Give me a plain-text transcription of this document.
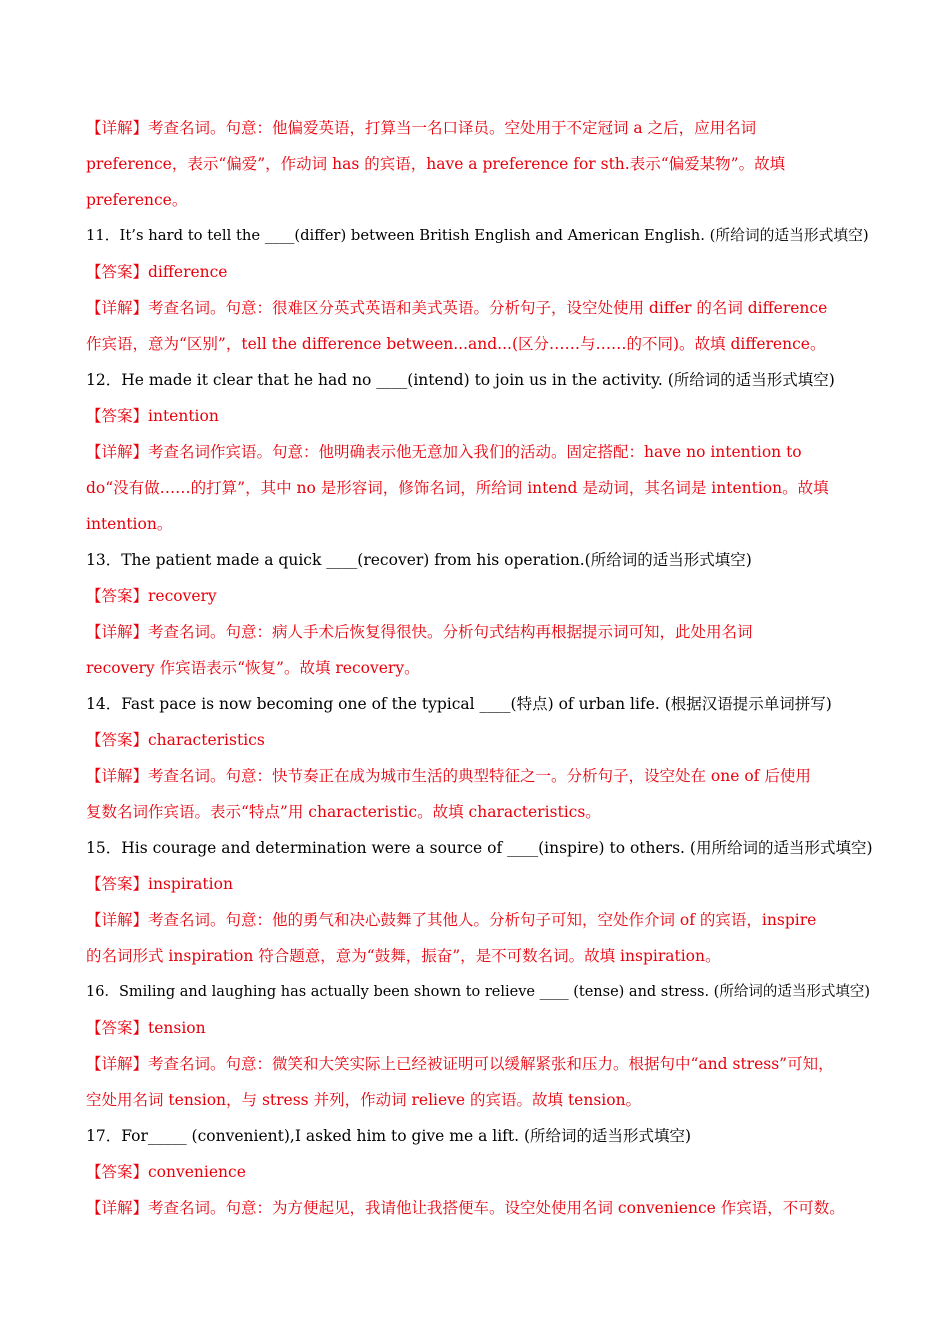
【详解】考查名词。句意：他偏爱英语，打算当一名口译员。空处用于不定冠词 a 之后，应用名词
preference，表示“偏爱”，作动词 has 的宾语，have a preference for sth.表示“偏爱某物”。故填
preference。
11．It’s hard to tell the ____(differ) between British English and American English. (所给词的适当形式填空)
【答案】difference
【详解】考查名词。句意：很难区分英式英语和美式英语。分析句子，设空处使用 differ 的名词 difference
作宾语，意为“区别”，tell the difference between...and...(区分……与……的不同)。故填 difference。
12．He made it clear that he had no ____(intend) to join us in the activity. (所给词的适当形式填空)
【答案】intention
【详解】考查名词作宾语。句意：他明确表示他无意加入我们的活动。固定搭配：have no intention to
do“没有做……的打算”，其中 no 是形容词，修饰名词，所给词 intend 是动词，其名词是 intention。故填
intention。
13．The patient made a quick ____(recover) from his operation.(所给词的适当形式填空)
【答案】recovery
【详解】考查名词。句意：病人手术后恢复得很快。分析句式结构再根据提示词可知，此处用名词
recovery 作宾语表示“恢复”。故填 recovery。
14．Fast pace is now becoming one of the typical ____(特点) of urban life. (根据汉语提示单词拼写)
【答案】characteristics
【详解】考查名词。句意：快节奏正在成为城市生活的典型特征之一。分析句子，设空处在 one of 后使用
复数名词作宾语。表示“特点”用 characteristic。故填 characteristics。
15．His courage and determination were a source of ____(inspire) to others. (用所给词的适当形式填空)
【答案】inspiration
【详解】考查名词。句意：他的勇气和决心鼓舞了其他人。分析句子可知，空处作介词 of 的宾语，inspire
的名词形式 inspiration 符合题意，意为“鼓舞，振奋”，是不可数名词。故填 inspiration。
16．Smiling and laughing has actually been shown to relieve ____ (tense) and stress. (所给词的适当形式填空)
【答案】tension
【详解】考查名词。句意：微笑和大笑实际上已经被证明可以缓解紧张和压力。根据句中“and stress”可知，
空处用名词 tension，与 stress 并列，作动词 relieve 的宾语。故填 tension。
17．For_____ (convenient),I asked him to give me a lift. (所给词的适当形式填空)
【答案】convenience
【详解】考查名词。句意：为方便起见，我请他让我搭便车。设空处使用名词 convenience 作宾语，不可数。
